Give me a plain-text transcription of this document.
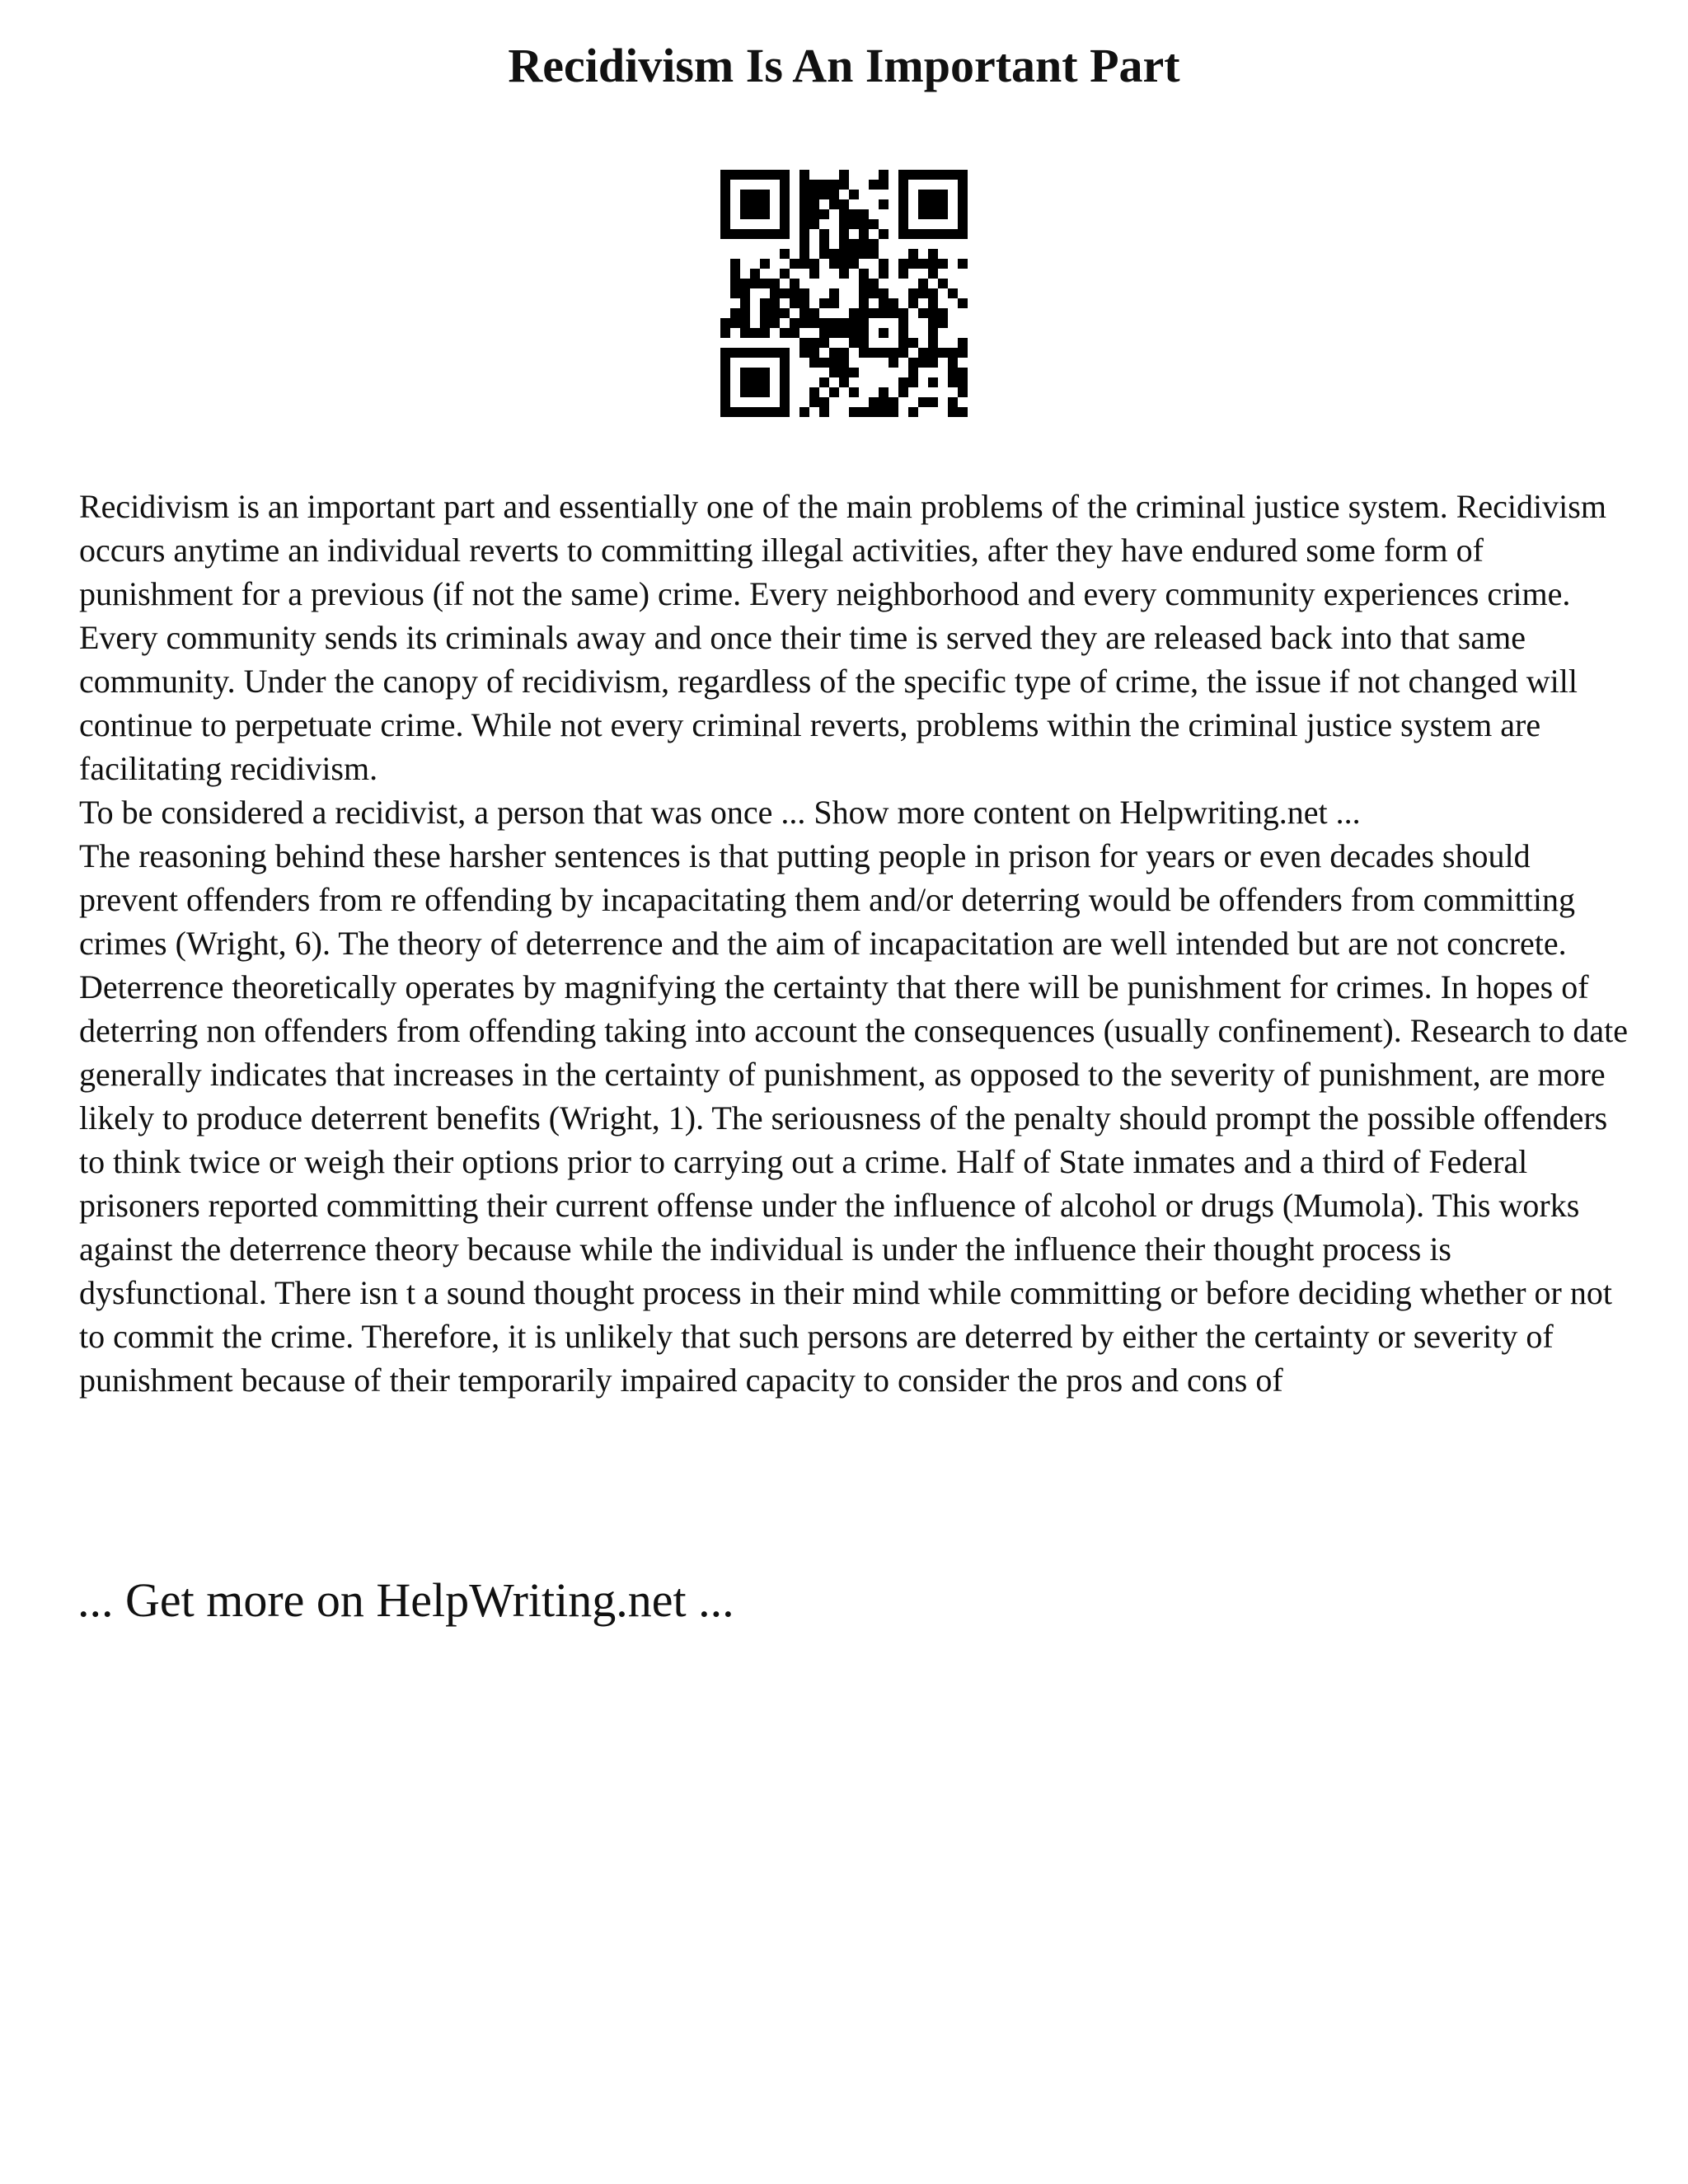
Recidivism Is An Important Part

Recidivism is an important part and essentially one of the main problems of the criminal justice system. Recidivism occurs anytime an individual reverts to committing illegal activities, after they have endured some form of punishment for a previous (if not the same) crime. Every neighborhood and every community experiences crime. Every community sends its criminals away and once their time is served they are released back into that same community. Under the canopy of recidivism, regardless of the specific type of crime, the issue if not changed will continue to perpetuate crime. While not every criminal reverts, problems within the criminal justice system are facilitating recidivism.

To be considered a recidivist, a person that was once ... Show more content on Helpwriting.net ...

The reasoning behind these harsher sentences is that putting people in prison for years or even decades should prevent offenders from re offending by incapacitating them and/or deterring would be offenders from committing crimes (Wright, 6). The theory of deterrence and the aim of incapacitation are well intended but are not concrete. Deterrence theoretically operates by magnifying the certainty that there will be punishment for crimes. In hopes of deterring non offenders from offending taking into account the consequences (usually confinement). Research to date generally indicates that increases in the certainty of punishment, as opposed to the severity of punishment, are more likely to produce deterrent benefits (Wright, 1). The seriousness of the penalty should prompt the possible offenders to think twice or weigh their options prior to carrying out a crime. Half of State inmates and a third of Federal prisoners reported committing their current offense under the influence of alcohol or drugs (Mumola). This works against the deterrence theory because while the individual is under the influence their thought process is dysfunctional. There isn t a sound thought process in their mind while committing or before deciding whether or not to commit the crime. Therefore, it is unlikely that such persons are deterred by either the certainty or severity of punishment because of their temporarily impaired capacity to consider the pros and cons of

... Get more on HelpWriting.net ...
